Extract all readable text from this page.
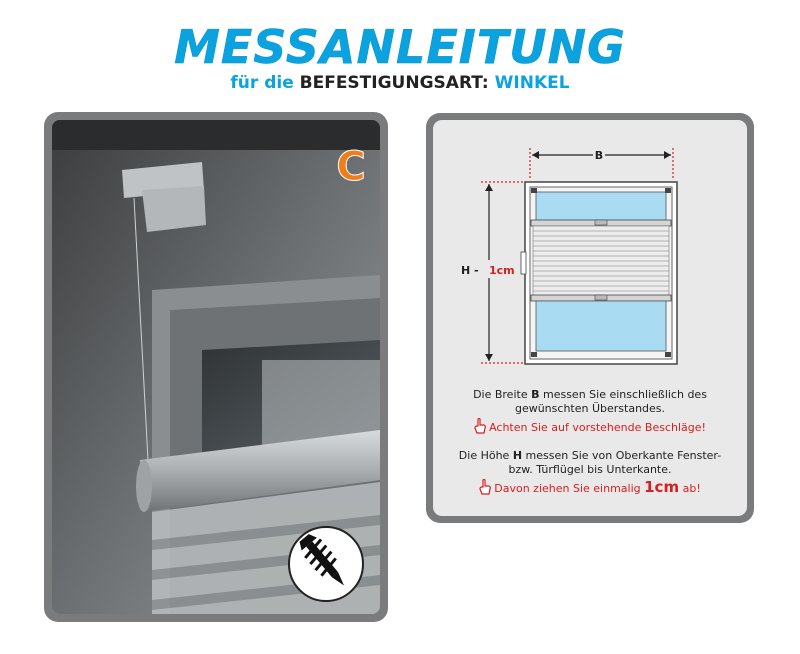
MESSANLEITUNG
für die BEFESTIGUNGSART: WINKEL
C	B
H - 1cm
Die Breite B messen Sie einschließlich des
gewünschten Überstandes.
Achten Sie auf vorstehende Beschläge!
Die Höhe H messen Sie von Oberkante Fenster-
bzw. Türflügel bis Unterkante.
Davon ziehen Sie einmalig 1cm ab!
